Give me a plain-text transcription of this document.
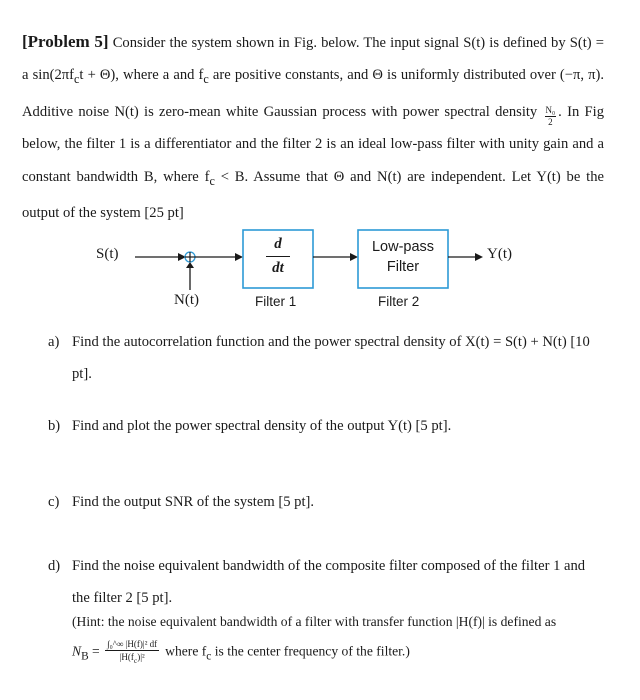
[Problem 5] Consider the system shown in Fig. below. The input signal S(t) is defined by S(t) = a $\sin(2\pi f_ct + \Theta)$, where a and $f_c$ are positive constants, and Θ is uniformly distributed over (−π, π). Additive noise N(t) is zero-mean white Gaussian process with power spectral density $\frac{\text{N₀}}{2}$ . In Fig below, the filter 1 is a differentiator and the filter 2 is an ideal low-pass filter with unity gain and a constant bandwidth B, where $f_c < B$. Assume that Θ and N(t) are independent. Let Y(t) be the output of the system [25 pt]
S(t)
N(t)
Y(t)
d
dt
Low-pass
Filter
Filter 1	Filter 2
a) Find the autocorrelation function and the power spectral density of X(t) = S(t) + N(t) [10 pt].
b) Find and plot the power spectral density of the output Y(t) [5 pt].
c) Find the output SNR of the system [5 pt].
d) Find the noise equivalent bandwidth of the composite filter composed of the filter 1 and the filter 2 [5 pt].
(Hint: the noise equivalent bandwidth of a filter with transfer function |H(f)| is defined as
$N_B = \frac{\text{∫₀\textasciicircum{}∞ |H(f)|² df}}{|H(f_c)|^2}$ where $f_c$ is the center frequency of the filter.)
